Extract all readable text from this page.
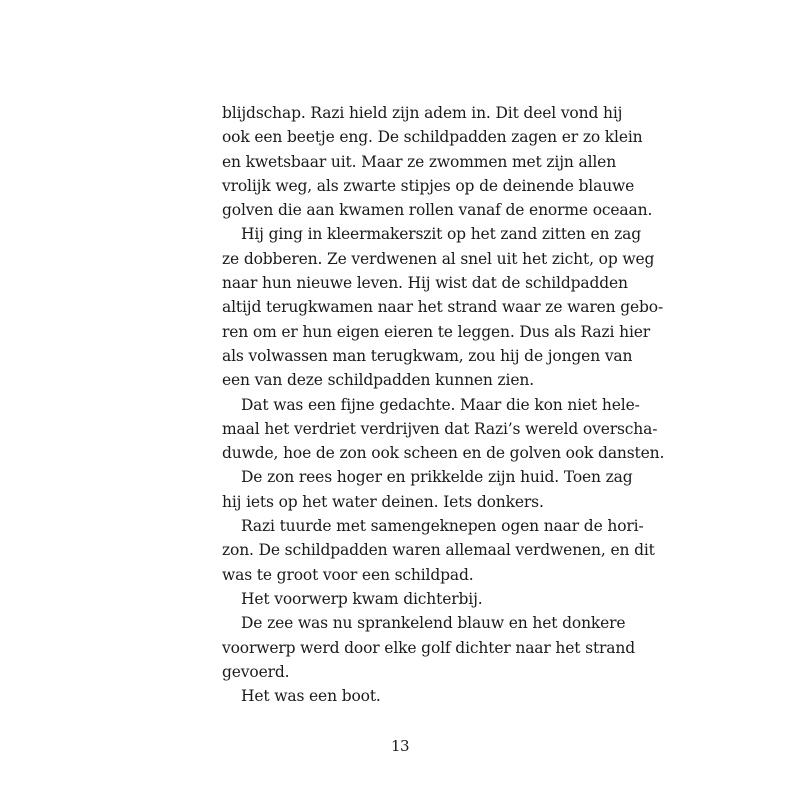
blijdschap. Razi hield zijn adem in. Dit deel vond hij
ook een beetje eng. De schildpadden zagen er zo klein
en kwetsbaar uit. Maar ze zwommen met zijn allen
vrolijk weg, als zwarte stipjes op de deinende blauwe
golven die aan kwamen rollen vanaf de enorme oceaan.
Hij ging in kleermakerszit op het zand zitten en zag
ze dobberen. Ze verdwenen al snel uit het zicht, op weg
naar hun nieuwe leven. Hij wist dat de schildpadden
altijd terugkwamen naar het strand waar ze waren gebo-
ren om er hun eigen eieren te leggen. Dus als Razi hier
als volwassen man terugkwam, zou hij de jongen van
een van deze schildpadden kunnen zien.
Dat was een fijne gedachte. Maar die kon niet hele-
maal het verdriet verdrijven dat Razi’s wereld overscha-
duwde, hoe de zon ook scheen en de golven ook dansten.
De zon rees hoger en prikkelde zijn huid. Toen zag
hij iets op het water deinen. Iets donkers.
Razi tuurde met samengeknepen ogen naar de hori-
zon. De schildpadden waren allemaal verdwenen, en dit
was te groot voor een schildpad.
Het voorwerp kwam dichterbij.
De zee was nu sprankelend blauw en het donkere
voorwerp werd door elke golf dichter naar het strand
gevoerd.
Het was een boot.
13
